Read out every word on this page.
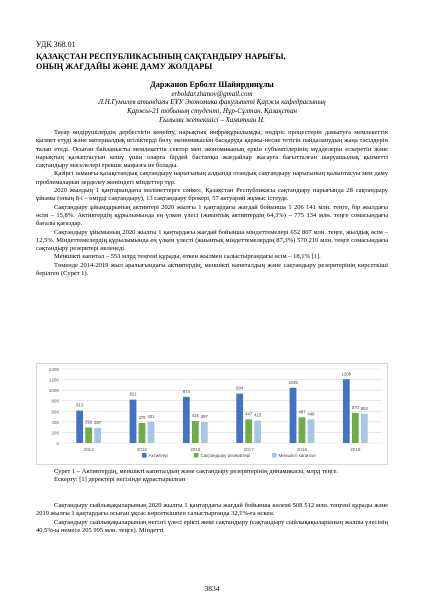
УДК 368.01
ҚАЗАҚСТАН РЕСПУБЛИКАСЫНЫҢ САҚТАНДЫРУ НАРЫҒЫ,
ОНЫҢ ЖАҒДАЙЫ ЖӘНЕ ДАМУ ЖОЛДАРЫ
Даржанов Ерболт Шайирдинұлы
erboldar.zhanov@gmail.com
Л.Н.Гумилев атындағы ЕҰУ Экономика факультеті Қаржы кафедрасының
Қаржы-21 тобының студенті, Нұр-Сұлтан, Қазақстан
Ғылыми жетекшісі – Хамитхан Н.

Тауар өндірушілердің дербестігін кеңейту, нарықтық инфрақұрылымды, өндіріс процестерін дамытуға мемлекеттік қызмет етуді және материалдық игіліктерді бөлу экономикасын басқаруда қаржы-несие тетігін пайдаланудың жаңа тәсілдерін талап етеді. Осыған байланысты мемлекеттік сектор мен экономиканың еркін субъектілерінің мүдделерін ескеретін және нарықтың қалыптасуын кешу үшін оларға бірдей бастапқы жағдайлар жасауға бағытталған шаруашылық қызметті сақтандыру мәселелері ерекше маңызға ие болады.

Қазіргі заманғы қазақстандық сақтандыру нарығының алдында отандық сақтандыру нарығының қалыптасуы мен даму проблемаларын зерделеу жөніндегі міндеттер тұр.

2020 жылдың 1 қаңтарындағы мәліметтерге сәйкес, Қазақстан Республикасы сақтандыру нарығында 28 сақтандыру ұйымы (оның 8-і – өмірді сақтандыру), 13 сақтандыру брокері, 57 актуарий жұмыс істеуде.

Сақтандыру ұйымдарының активтері 2020 жылғы 1 қаңтардағы жағдай бойынша 1 206 141 млн. теңге, бір жылдағы өсім – 15,8%. Активтердің құрылымында ең үлкен үлесі (жиынтық активтердің 64,3%) – 775 134 млн. теңге сомасындағы бағалы қағаздар.

Сақтандыру ұйымының 2020 жылғы 1 қаңтардағы жағдай бойынша міндеттемелері 652 807 млн. теңге, жылдық өсім – 12,5%. Міндеттемелердің құрылымында ең үлкен үлесті (жиынтық міндеттемелердің 87,3%) 570 210 млн. теңге сомасындағы сақтандыру резервтері иеленеді.

Меншікті капитал – 553 млрд теңгені құрады, өткен жылмен салыстырғандағы өсім – 18,1% [1].

Төменде 2014-2019 жыл аралығындағы активтердің, меншікті капиталдың және сақтандыру резервтерінің көрсеткіші берілген (Сурет 1).

0
200
400
600
800
1000
1200
1400
613
292 287
2014
821
378 401
2015
874
415 397
2016
934
447 423
2017
1045
487 448
2018
1206
570 553
2019
Активтер	Сақтандыру резервтері	Меншікті капитал

Сурет 1 – Активтердің, меншікті капиталдың және сақтандыру резервтерінің динамикасы, млрд теңге.

Ескерту: [1] деректері негізінде құрастырылған

Сақтандыру сыйлықақыларының 2020 жылғы 1 қаңтардағы жағдай бойынша көлемі 508 512 млн. теңгені құрады және 2019 жылғы 1 қаңтардағы осыған ұқсас көрсеткішпен салыстырғанда 32,1%-ға өскен.

Сақтандыру сыйлықақыларының негізгі үлесі ерікті жеке сақтандыру (сақтандыру сыйлықақыларының жалпы үлесінің 40,5%-ы немесе 205 995 млн. теңге). Міндетті

3834
